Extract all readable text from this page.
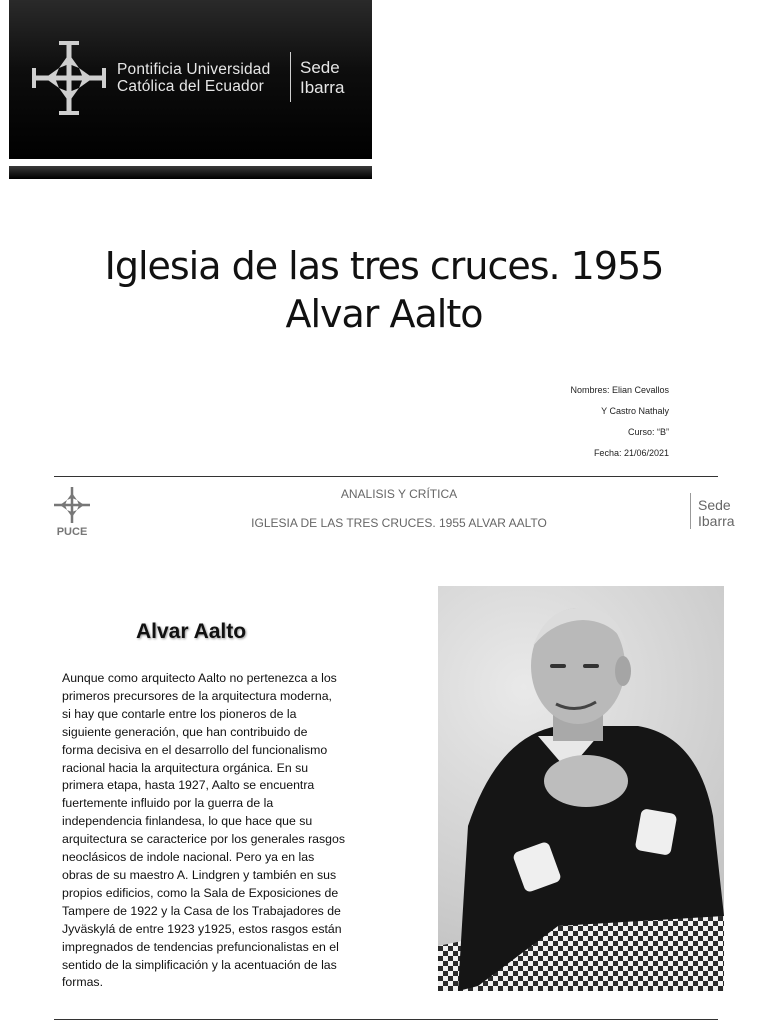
Pontificia Universidad
Católica del Ecuador
Sede
Ibarra
Iglesia de las tres cruces. 1955
Alvar Aalto
Nombres: Elian Cevallos
Y Castro Nathaly
Curso: “B”
Fecha: 21/06/2021
PUCE
ANALISIS Y CRÍTICA
IGLESIA DE LAS TRES CRUCES. 1955 ALVAR AALTO
Sede
Ibarra
Alvar Aalto
Aunque como arquitecto Aalto no pertenezca a los
primeros precursores de la arquitectura moderna,
si hay que contarle entre los pioneros de la
siguiente generación, que han contribuido de
forma decisiva en el desarrollo del funcionalismo
racional hacia la arquitectura orgánica. En su
primera etapa, hasta 1927, Aalto se encuentra
fuertemente influido por la guerra de la
independencia finlandesa, lo que hace que su
arquitectura se caracterice por los generales rasgos
neoclásicos de indole nacional. Pero ya en las
obras de su maestro A. Lindgren y también en sus
propios edificios, como la Sala de Exposiciones de
Tampere de 1922 y la Casa de los Trabajadores de
Jyväskylá de entre 1923 y1925, estos rasgos están
impregnados de tendencias prefuncionalistas en el
sentido de la simplificación y la acentuación de las
formas.
